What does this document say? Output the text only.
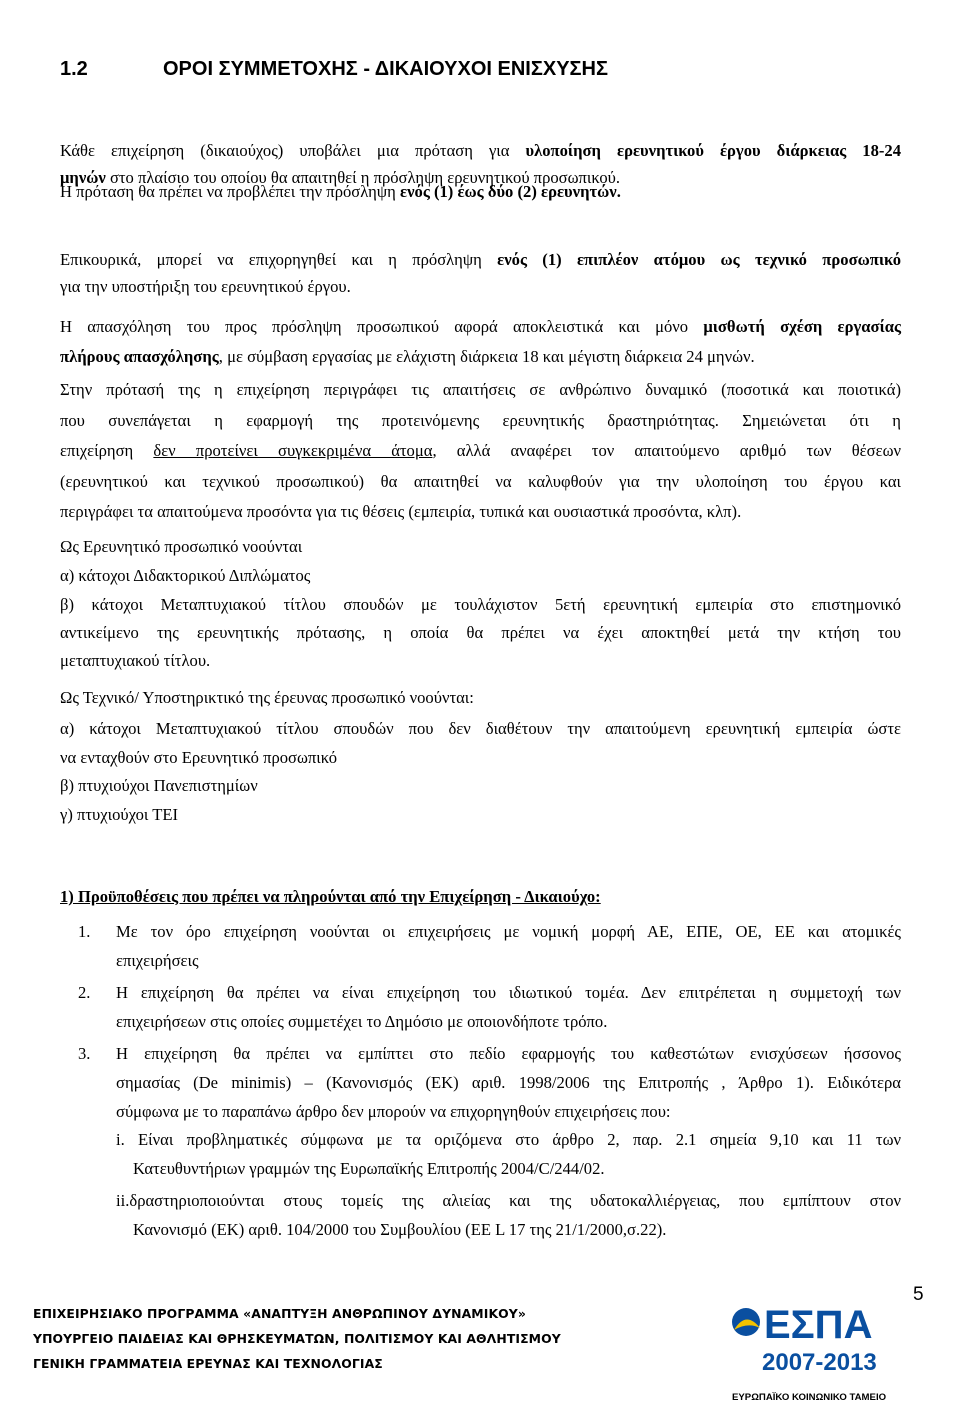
1.2	ΟΡΟΙ ΣΥΜΜΕΤΟΧΗΣ - ΔΙΚΑΙΟΥΧΟΙ ΕΝΙΣΧΥΣΗΣ
Κάθε επιχείρηση (δικαιούχος) υποβάλει μια πρόταση για υλοποίηση ερευνητικού έργου διάρκειας 18-24
μηνών στο πλαίσιο του οποίου θα απαιτηθεί η πρόσληψη ερευνητικού προσωπικού.
Η πρόταση θα πρέπει να προβλέπει την πρόσληψη ενός (1) έως δύο (2) ερευνητών.
Επικουρικά, μπορεί να επιχορηγηθεί και η πρόσληψη ενός (1) επιπλέον ατόμου ως τεχνικό προσωπικό
για την υποστήριξη του ερευνητικού έργου.
Η απασχόληση του προς πρόσληψη προσωπικού αφορά αποκλειστικά και μόνο μισθωτή σχέση εργασίας
πλήρους απασχόλησης, με σύμβαση εργασίας με ελάχιστη διάρκεια 18 και μέγιστη διάρκεια 24 μηνών.
Στην πρότασή της η επιχείρηση περιγράφει τις απαιτήσεις σε ανθρώπινο δυναμικό (ποσοτικά και ποιοτικά)
που συνεπάγεται η εφαρμογή της προτεινόμενης ερευνητικής δραστηριότητας. Σημειώνεται ότι η
επιχείρηση δεν προτείνει συγκεκριμένα άτομα, αλλά αναφέρει τον απαιτούμενο αριθμό των θέσεων
(ερευνητικού και τεχνικού προσωπικού) θα απαιτηθεί να καλυφθούν για την υλοποίηση του έργου και
περιγράφει τα απαιτούμενα προσόντα για τις θέσεις (εμπειρία, τυπικά και ουσιαστικά προσόντα, κλπ).
Ως Ερευνητικό προσωπικό νοούνται
α) κάτοχοι Διδακτορικού Διπλώματος
β) κάτοχοι Μεταπτυχιακού τίτλου σπουδών με τουλάχιστον 5ετή ερευνητική εμπειρία στο επιστημονικό
αντικείμενο της ερευνητικής πρότασης, η οποία θα πρέπει να έχει αποκτηθεί μετά την κτήση του
μεταπτυχιακού τίτλου.
Ως Τεχνικό/ Υποστηρικτικό της έρευνας προσωπικό νοούνται:
α) κάτοχοι Μεταπτυχιακού τίτλου σπουδών που δεν διαθέτουν την απαιτούμενη ερευνητική εμπειρία ώστε
να ενταχθούν στο Ερευνητικό προσωπικό
β) πτυχιούχοι Πανεπιστημίων
γ) πτυχιούχοι ΤΕΙ
1) Προϋποθέσεις που πρέπει να πληρούνται από την Επιχείρηση - Δικαιούχο:
1. Με τον όρο επιχείρηση νοούνται οι επιχειρήσεις με νομική μορφή ΑΕ, ΕΠΕ, ΟΕ, ΕΕ και ατομικές
επιχειρήσεις
2. Η επιχείρηση θα πρέπει να είναι επιχείρηση του ιδιωτικού τομέα. Δεν επιτρέπεται η συμμετοχή των
επιχειρήσεων στις οποίες συμμετέχει το Δημόσιο με οποιονδήποτε τρόπο.
3. Η επιχείρηση θα πρέπει να εμπίπτει στο πεδίο εφαρμογής του καθεστώτων ενισχύσεων ήσσονος
σημασίας (De minimis) – (Κανονισμός (ΕΚ) αριθ. 1998/2006 της Επιτροπής , Άρθρο 1). Ειδικότερα
σύμφωνα με το παραπάνω άρθρο δεν μπορούν να επιχορηγηθούν επιχειρήσεις που:
i. Είναι προβληματικές σύμφωνα με τα οριζόμενα στο άρθρο 2, παρ. 2.1 σημεία 9,10 και 11 των
Κατευθυντήριων γραμμών της Ευρωπαϊκής Επιτροπής 2004/C/244/02.
ii.δραστηριοποιούνται στους τομείς της αλιείας και της υδατοκαλλιέργειας, που εμπίπτουν στον
Κανονισμό (ΕΚ) αριθ. 104/2000 του Συμβουλίου (ΕΕ L 17 της 21/1/2000,σ.22).
ΕΠΙΧΕΙΡΗΣΙΑΚΟ ΠΡΟΓΡΑΜΜΑ «ΑΝΑΠΤΥΞΗ ΑΝΘΡΩΠΙΝΟΥ ΔΥΝΑΜΙΚΟΥ»
ΥΠΟΥΡΓΕΙΟ ΠΑΙΔΕΙΑΣ ΚΑΙ ΘΡΗΣΚΕΥΜΑΤΩΝ, ΠΟΛΙΤΙΣΜΟΥ ΚΑΙ ΑΘΛΗΤΙΣΜΟΥ
ΓΕΝΙΚΗ ΓΡΑΜΜΑΤΕΙΑ ΕΡΕΥΝΑΣ ΚΑΙ ΤΕΧΝΟΛΟΓΙΑΣ
5
ΕΣΠΑ
2007-2013
ΕΥΡΩΠΑΪΚΟ ΚΟΙΝΩΝΙΚΟ ΤΑΜΕΙΟ
